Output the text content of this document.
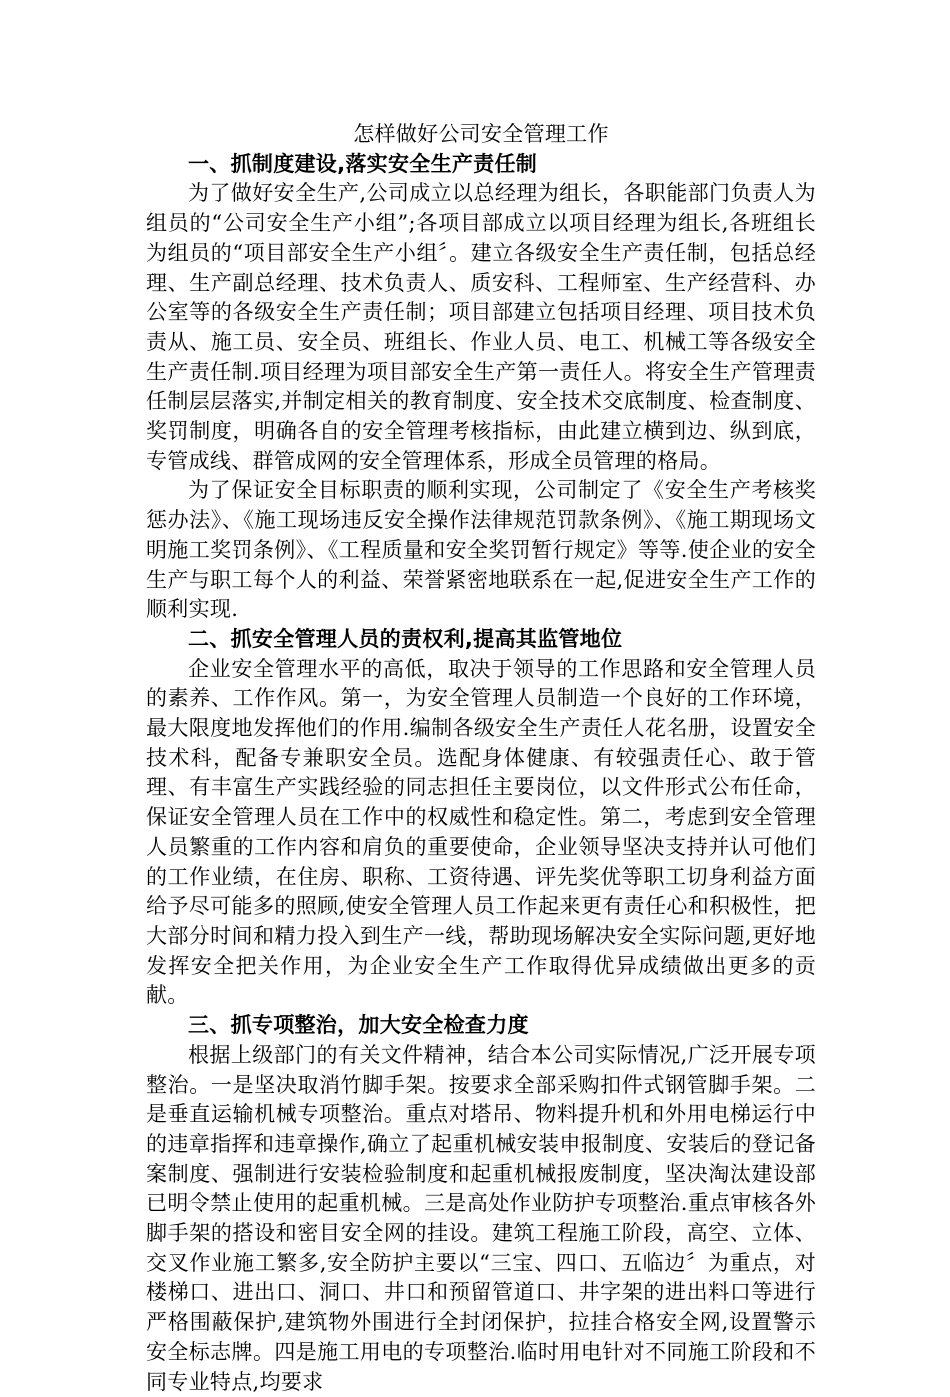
怎样做好公司安全管理工作
一、抓制度建设,落实安全生产责任制

为了做好安全生产,公司成立以总经理为组长，各职能部门负责人为组员的“公司安全生产小组”;各项目部成立以项目经理为组长,各班组长为组员的“项目部安全生产小组〞。建立各级安全生产责任制，包括总经理、生产副总经理、技术负责人、质安科、工程师室、生产经营科、办公室等的各级安全生产责任制；项目部建立包括项目经理、项目技术负责从、施工员、安全员、班组长、作业人员、电工、机械工等各级安全生产责任制.项目经理为项目部安全生产第一责任人。将安全生产管理责任制层层落实,并制定相关的教育制度、安全技术交底制度、检查制度、奖罚制度，明确各自的安全管理考核指标，由此建立横到边、纵到底，专管成线、群管成网的安全管理体系，形成全员管理的格局。

为了保证安全目标职责的顺利实现，公司制定了《安全生产考核奖惩办法》、《施工现场违反安全操作法律规范罚款条例》、《施工期现场文明施工奖罚条例》、《工程质量和安全奖罚暂行规定》等等.使企业的安全生产与职工每个人的利益、荣誉紧密地联系在一起,促进安全生产工作的顺利实现.

二、抓安全管理人员的责权利,提高其监管地位

企业安全管理水平的高低，取决于领导的工作思路和安全管理人员的素养、工作作风。第一，为安全管理人员制造一个良好的工作环境，最大限度地发挥他们的作用.编制各级安全生产责任人花名册，设置安全技术科，配备专兼职安全员。选配身体健康、有较强责任心、敢于管理、有丰富生产实践经验的同志担任主要岗位，以文件形式公布任命，保证安全管理人员在工作中的权威性和稳定性。第二，考虑到安全管理人员繁重的工作内容和肩负的重要使命，企业领导坚决支持并认可他们的工作业绩，在住房、职称、工资待遇、评先奖优等职工切身利益方面给予尽可能多的照顾,使安全管理人员工作起来更有责任心和积极性，把大部分时间和精力投入到生产一线，帮助现场解决安全实际问题,更好地发挥安全把关作用，为企业安全生产工作取得优异成绩做出更多的贡献。

三、抓专项整治，加大安全检查力度

根据上级部门的有关文件精神，结合本公司实际情况,广泛开展专项整治。一是坚决取消竹脚手架。按要求全部采购扣件式钢管脚手架。二是垂直运输机械专项整治。重点对塔吊、物料提升机和外用电梯运行中的违章指挥和违章操作,确立了起重机械安装申报制度、安装后的登记备案制度、强制进行安装检验制度和起重机械报废制度，坚决淘汰建设部已明令禁止使用的起重机械。三是高处作业防护专项整治.重点审核各外脚手架的搭设和密目安全网的挂设。建筑工程施工阶段，高空、立体、交叉作业施工繁多,安全防护主要以“三宝、四口、五临边〞为重点，对楼梯口、进出口、洞口、井口和预留管道口、井字架的进出料口等进行严格围蔽保护,建筑物外围进行全封闭保护，拉挂合格安全网,设置警示安全标志牌。四是施工用电的专项整治.临时用电针对不同施工阶段和不同专业特点,均要求
